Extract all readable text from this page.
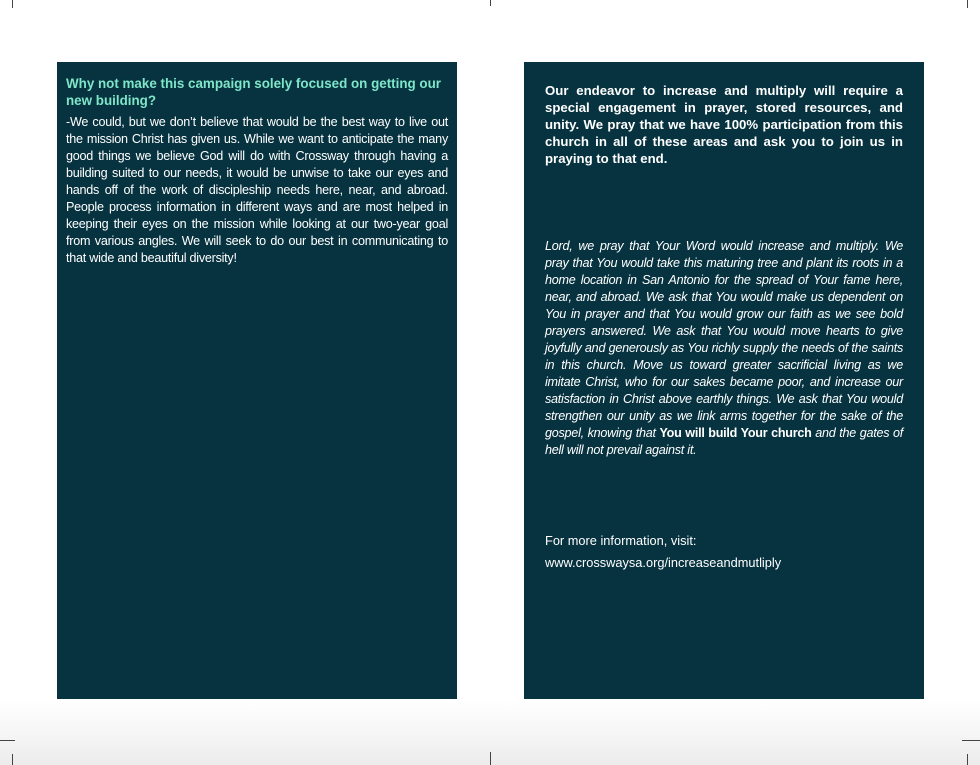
Why not make this campaign solely focused on getting our new building?

-We could, but we don’t believe that would be the best way to live out the mission Christ has given us. While we want to anticipate the many good things we believe God will do with Crossway through having a building suited to our needs, it would be unwise to take our eyes and hands off of the work of discipleship needs here, near, and abroad. People process information in different ways and are most helped in keeping their eyes on the mission while looking at our two-year goal from various angles. We will seek to do our best in communicating to that wide and beautiful diversity!

Our endeavor to increase and multiply will require a special engagement in prayer, stored resources, and unity. We pray that we have 100% participation from this church in all of these areas and ask you to join us in praying to that end.

Lord, we pray that Your Word would increase and multiply. We pray that You would take this maturing tree and plant its roots in a home location in San Antonio for the spread of Your fame here, near, and abroad. We ask that You would make us dependent on You in prayer and that You would grow our faith as we see bold prayers answered. We ask that You would move hearts to give joyfully and generously as You richly supply the needs of the saints in this church. Move us toward greater sacrificial living as we imitate Christ, who for our sakes became poor, and increase our satisfaction in Christ above earthly things. We ask that You would strengthen our unity as we link arms together for the sake of the gospel, knowing that You will build Your church and the gates of hell will not prevail against it.

For more information, visit:

www.crosswaysa.org/increaseandmutliply
